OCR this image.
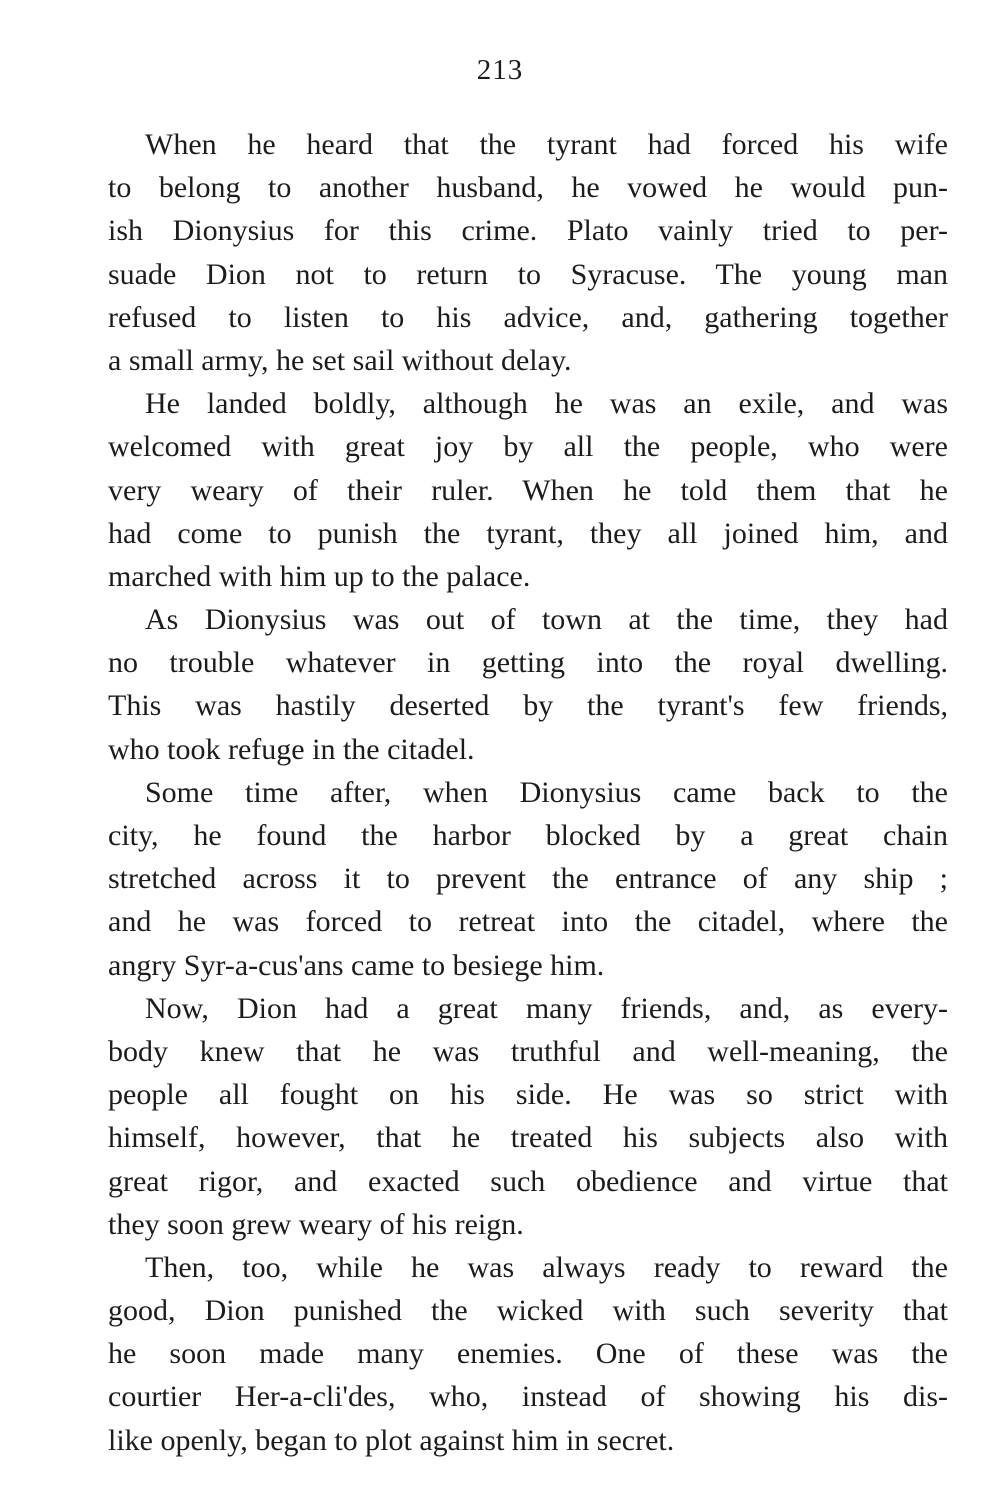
213
When he heard that the tyrant had forced his wife
to belong to another husband, he vowed he would pun-
ish Dionysius for this crime. Plato vainly tried to per-
suade Dion not to return to Syracuse. The young man
refused to listen to his advice, and, gathering together
a small army, he set sail without delay.
He landed boldly, although he was an exile, and was
welcomed with great joy by all the people, who were
very weary of their ruler. When he told them that he
had come to punish the tyrant, they all joined him, and
marched with him up to the palace.
As Dionysius was out of town at the time, they had
no trouble whatever in getting into the royal dwelling.
This was hastily deserted by the tyrant's few friends,
who took refuge in the citadel.
Some time after, when Dionysius came back to the
city, he found the harbor blocked by a great chain
stretched across it to prevent the entrance of any ship ;
and he was forced to retreat into the citadel, where the
angry Syr-a-cus'ans came to besiege him.
Now, Dion had a great many friends, and, as every-
body knew that he was truthful and well-meaning, the
people all fought on his side. He was so strict with
himself, however, that he treated his subjects also with
great rigor, and exacted such obedience and virtue that
they soon grew weary of his reign.
Then, too, while he was always ready to reward the
good, Dion punished the wicked with such severity that
he soon made many enemies. One of these was the
courtier Her-a-cli'des, who, instead of showing his dis-
like openly, began to plot against him in secret.
